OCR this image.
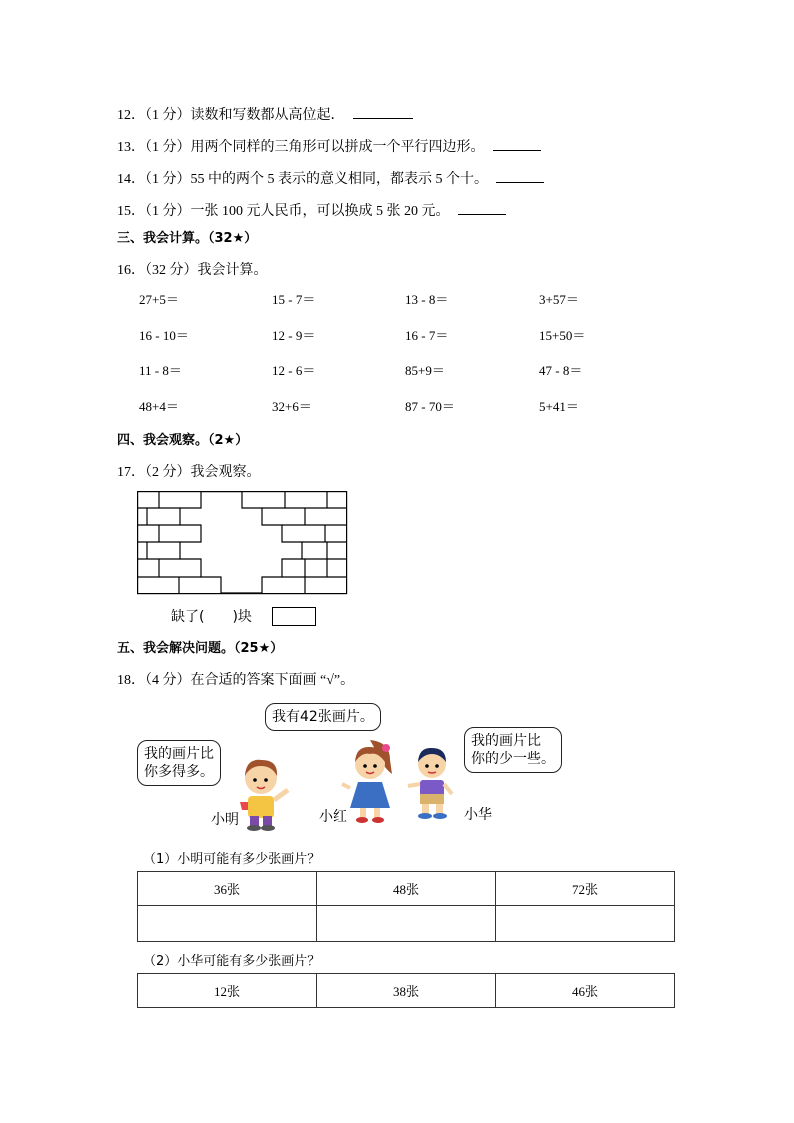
12．（1 分）读数和写数都从高位起．
13．（1 分）用两个同样的三角形可以拼成一个平行四边形。
14．（1 分）55 中的两个 5 表示的意义相同，都表示 5 个十。
15．（1 分）一张 100 元人民币，可以换成 5 张 20 元。
三、我会计算。（32★）
16．（32 分）我会计算。
27+5＝	15 - 7＝	13 - 8＝	3+57＝
16 - 10＝	12 - 9＝	16 - 7＝	15+50＝
11 - 8＝	12 - 6＝	85+9＝	47 - 8＝
48+4＝	32+6＝	87 - 70＝	5+41＝
四、我会观察。（2★）
17．（2 分）我会观察。
缺了(　　)块
五、我会解决问题。（25★）
18．（4 分）在合适的答案下面画 “√”。
我有42张画片。
我的画片比
你多得多。
我的画片比
你的少一些。
小明	小红	小华
（1）小明可能有多少张画片？
36张	48张	72张

（2）小华可能有多少张画片？
12张	38张	46张
